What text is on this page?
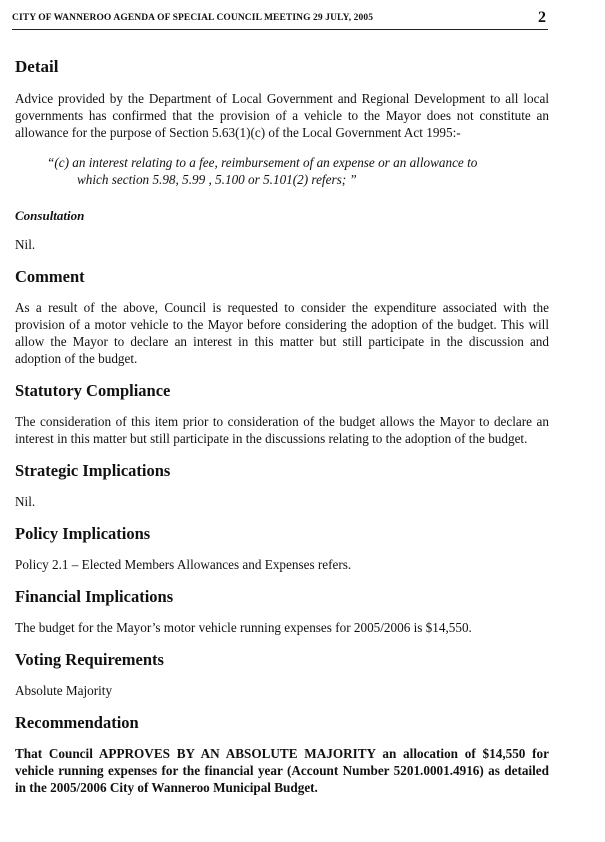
CITY OF WANNEROO AGENDA OF SPECIAL COUNCIL MEETING 29 JULY, 2005	2
Detail

Advice provided by the Department of Local Government and Regional Development to all local governments has confirmed that the provision of a vehicle to the Mayor does not constitute an allowance for the purpose of Section 5.63(1)(c) of the Local Government Act 1995:-

“(c) an interest relating to a fee, reimbursement of an expense or an allowance to
which section 5.98, 5.99 , 5.100 or 5.101(2) refers; ”
Consultation

Nil.

Comment

As a result of the above, Council is requested to consider the expenditure associated with the provision of a motor vehicle to the Mayor before considering the adoption of the budget. This will allow the Mayor to declare an interest in this matter but still participate in the discussion and adoption of the budget.

Statutory Compliance

The consideration of this item prior to consideration of the budget allows the Mayor to declare an interest in this matter but still participate in the discussions relating to the adoption of the budget.

Strategic Implications

Nil.

Policy Implications

Policy 2.1 – Elected Members Allowances and Expenses refers.

Financial Implications

The budget for the Mayor’s motor vehicle running expenses for 2005/2006 is $14,550.

Voting Requirements

Absolute Majority

Recommendation

That Council APPROVES BY AN ABSOLUTE MAJORITY an allocation of $14,550 for vehicle running expenses for the financial year (Account Number 5201.0001.4916) as detailed in the 2005/2006 City of Wanneroo Municipal Budget.
